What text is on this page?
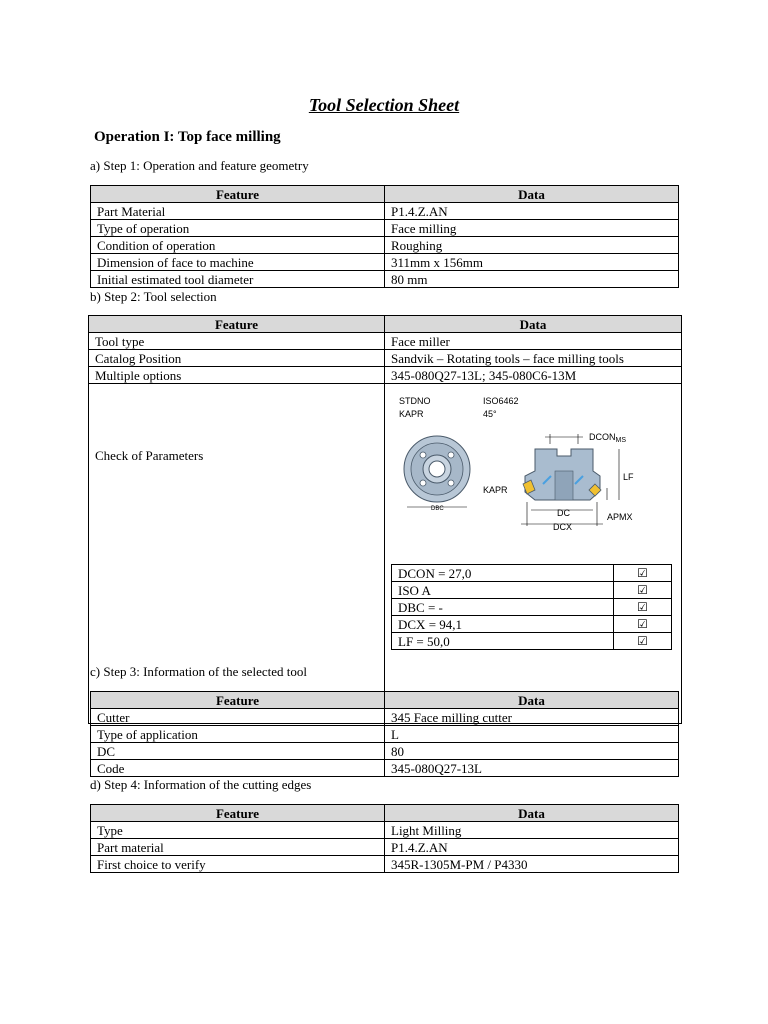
Tool Selection Sheet
Operation I: Top face milling
a) Step 1: Operation and feature geometry
Feature	Data
Part Material	P1.4.Z.AN
Type of operation	Face milling
Condition of operation	Roughing
Dimension of face to machine	311mm x 156mm
Initial estimated tool diameter	80 mm
b) Step 2: Tool selection
Feature	Data
Tool type	Face miller
Catalog Position	Sandvik – Rotating tools – face milling tools
Multiple options	345-080Q27-13L; 345-080C6-13M
Check of Parameters	
STDNO	ISO6462
KAPR	45°
DBC
$DCON_{MS}$
LF
APMX
KAPR
DC
DCX
DCON = 27,0	☑
ISO A	☑
DBC = -	☑
DCX = 94,1	☑
LF = 50,0	☑
c) Step 3: Information of the selected tool
Feature	Data
Cutter	345 Face milling cutter
Type of application	L
DC	80
Code	345-080Q27-13L
d) Step 4: Information of the cutting edges
Feature	Data
Type	Light Milling
Part material	P1.4.Z.AN
First choice to verify	345R-1305M-PM / P4330
